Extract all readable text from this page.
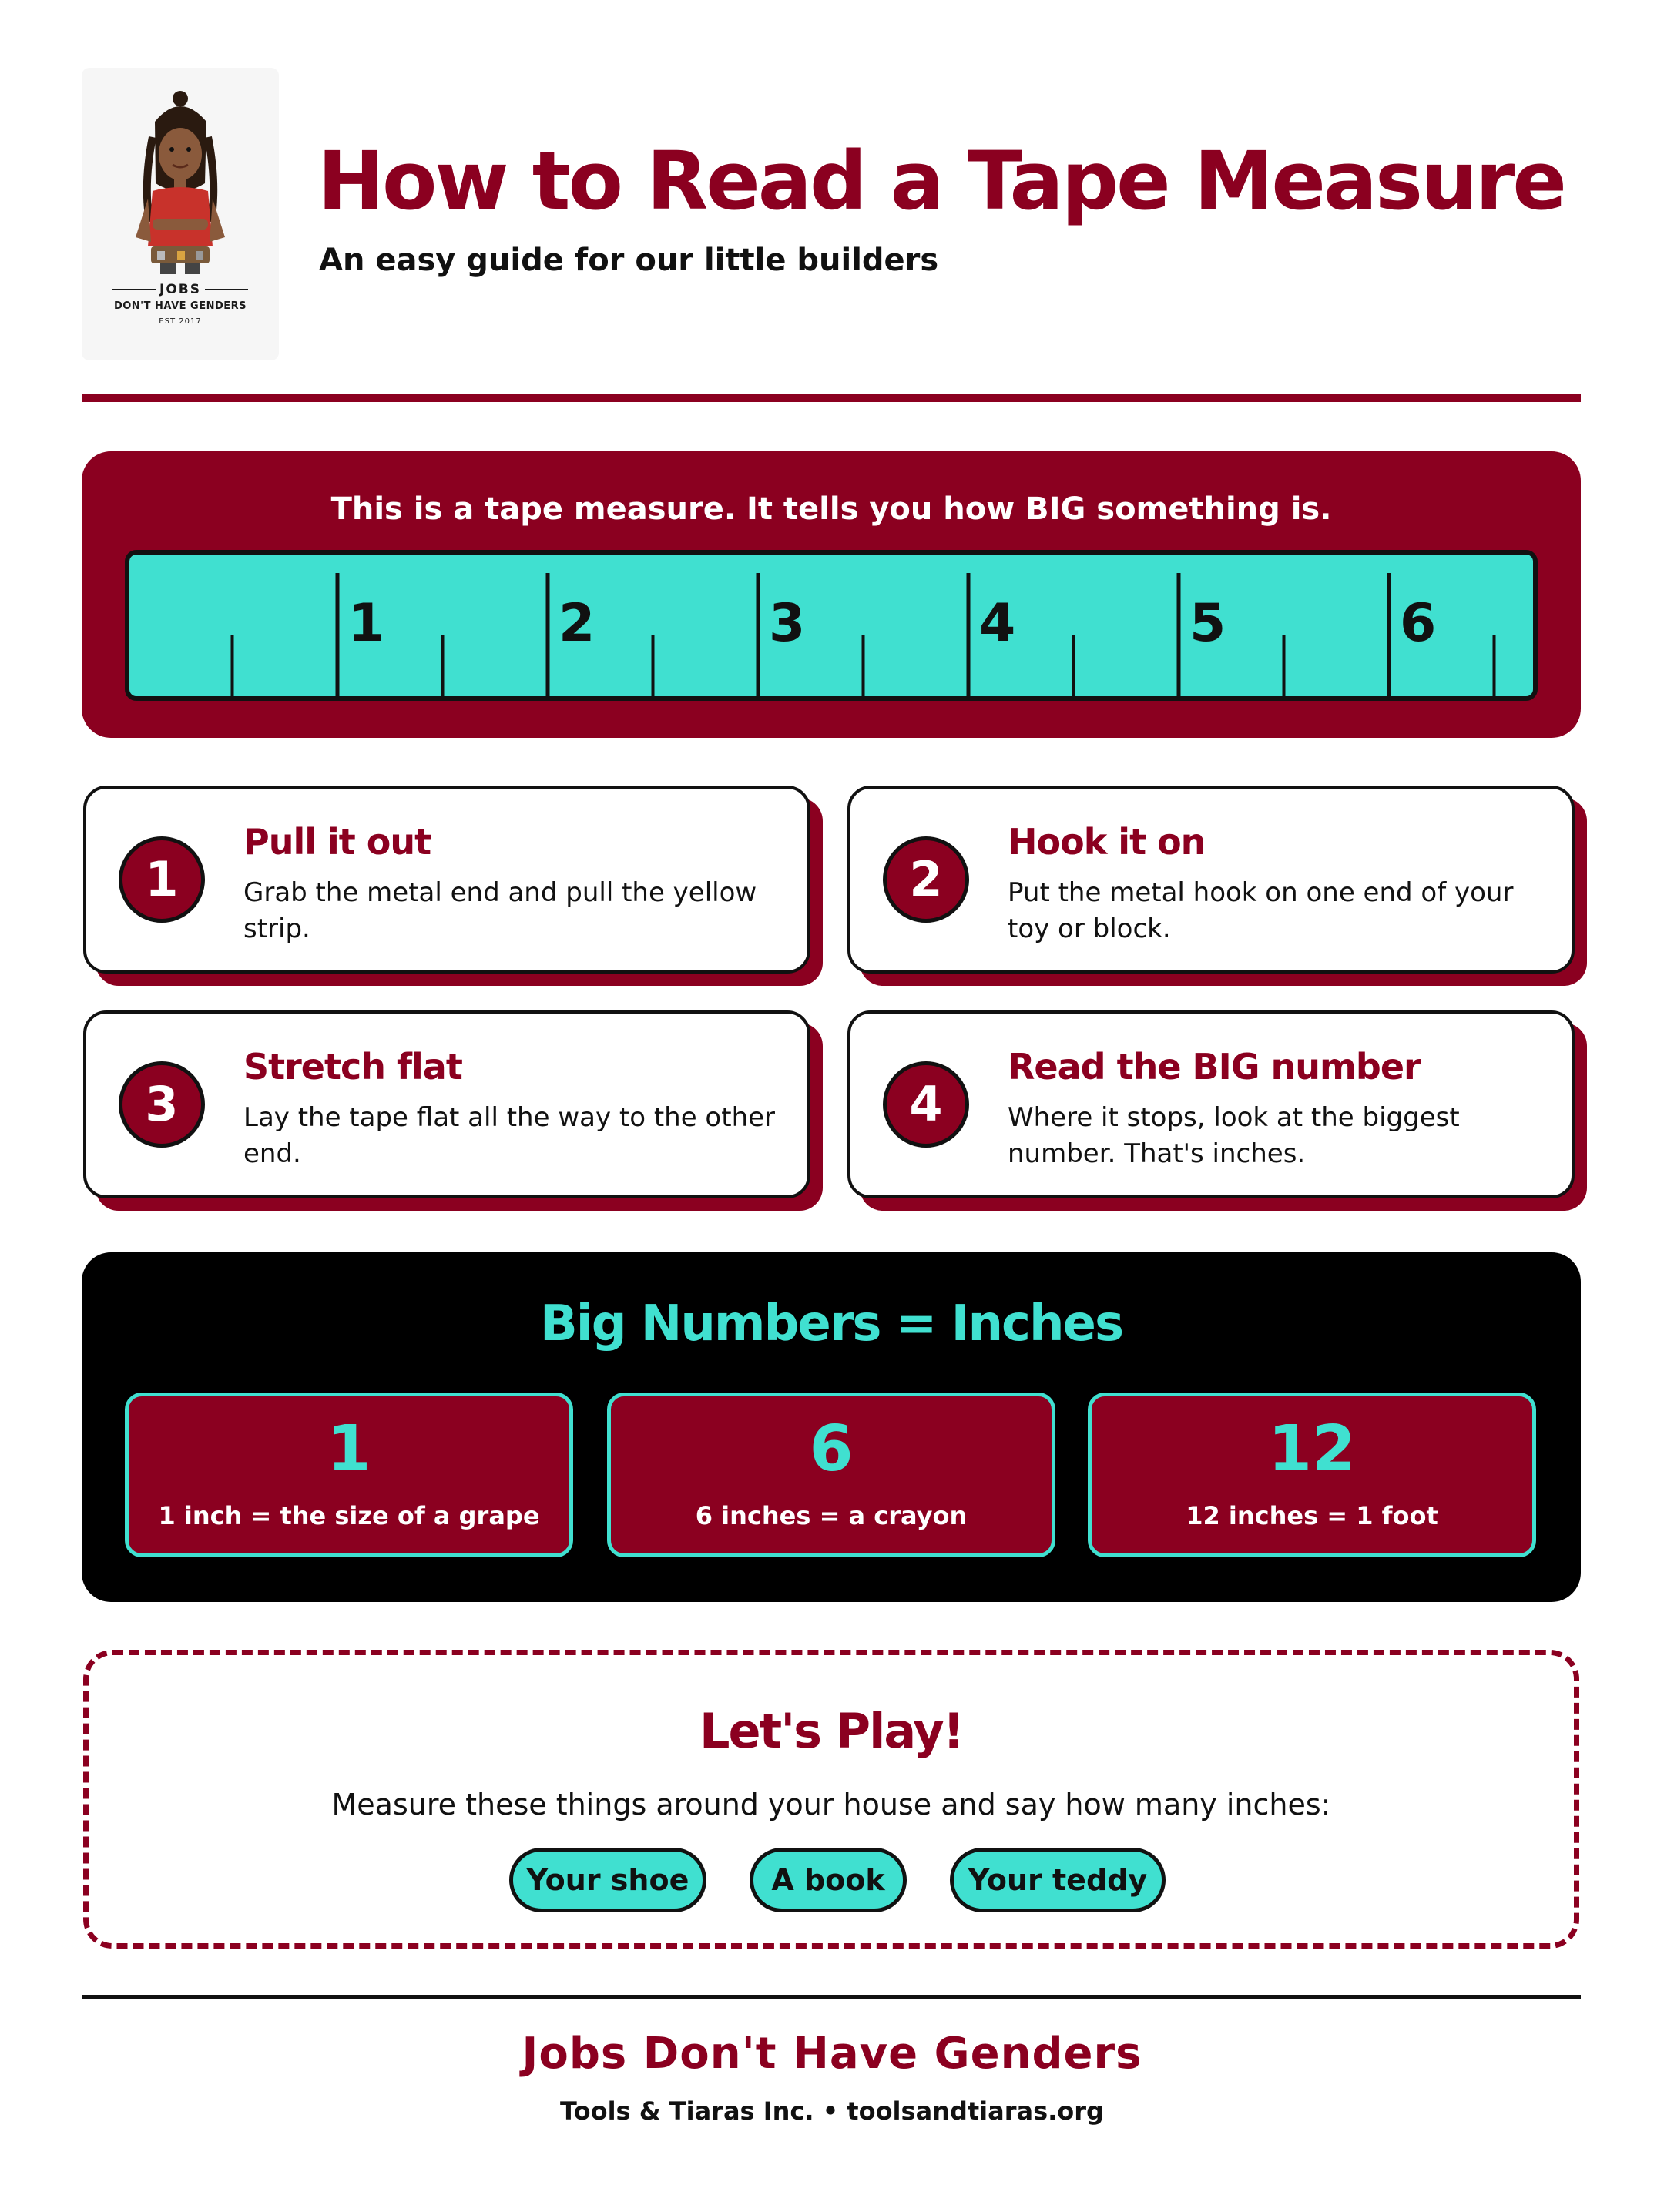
JOBS
DON'T HAVE GENDERS
EST 2017
How to Read a Tape Measure
An easy guide for our little builders
This is a tape measure. It tells you how BIG something is.
1	2	3	4	5	6
1
Pull it out
Grab the metal end and pull the yellow strip.
2
Hook it on
Put the metal hook on one end of your toy or block.
3
Stretch flat
Lay the tape flat all the way to the other end.
4
Read the BIG number
Where it stops, look at the biggest number. That's inches.
Big Numbers = Inches
1
1 inch = the size of a grape
6
6 inches = a crayon
12
12 inches = 1 foot
Let's Play!
Measure these things around your house and say how many inches:
Your shoe	A book	Your teddy
Jobs Don't Have Genders
Tools & Tiaras Inc. • toolsandtiaras.org
